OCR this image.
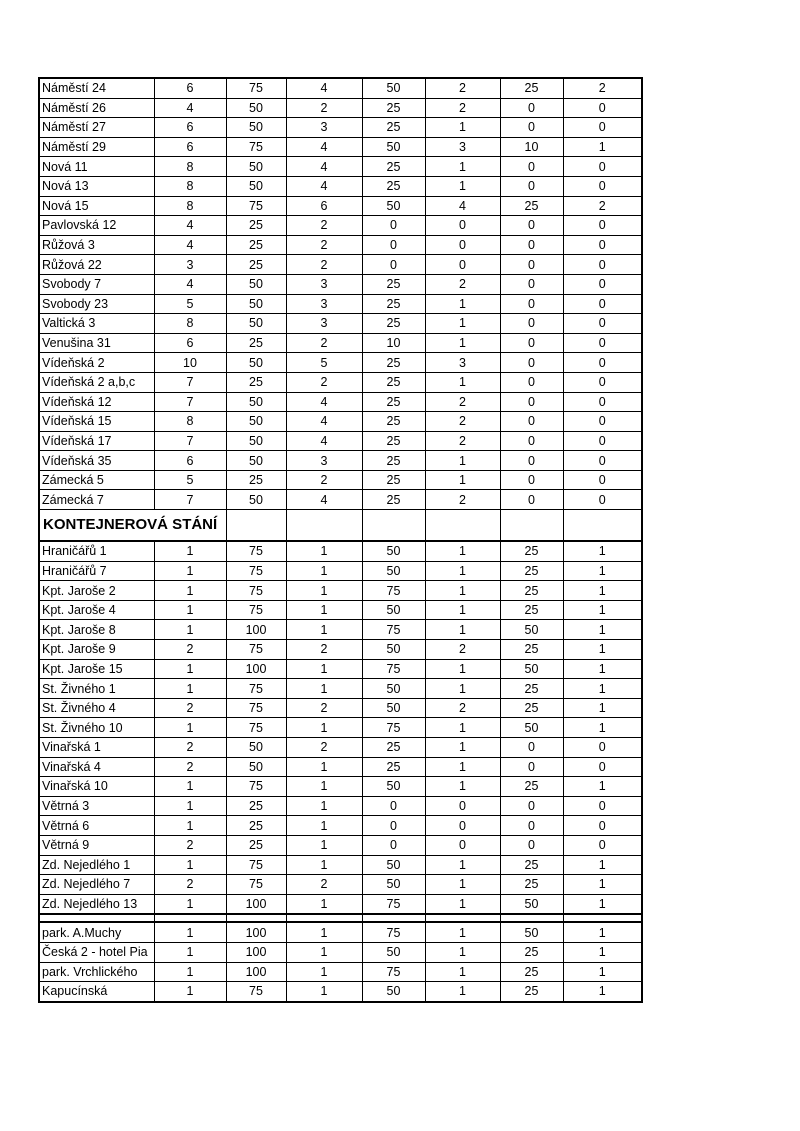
Náměstí 24	6	75	4	50	2	25	2
Náměstí 26	4	50	2	25	2	0	0
Náměstí 27	6	50	3	25	1	0	0
Náměstí 29	6	75	4	50	3	10	1
Nová 11	8	50	4	25	1	0	0
Nová 13	8	50	4	25	1	0	0
Nová 15	8	75	6	50	4	25	2
Pavlovská 12	4	25	2	0	0	0	0
Růžová 3	4	25	2	0	0	0	0
Růžová 22	3	25	2	0	0	0	0
Svobody 7	4	50	3	25	2	0	0
Svobody 23	5	50	3	25	1	0	0
Valtická 3	8	50	3	25	1	0	0
Venušina 31	6	25	2	10	1	0	0
Vídeňská 2	10	50	5	25	3	0	0
Vídeňská 2 a,b,c	7	25	2	25	1	0	0
Vídeňská 12	7	50	4	25	2	0	0
Vídeňská 15	8	50	4	25	2	0	0
Vídeňská 17	7	50	4	25	2	0	0
Vídeňská 35	6	50	3	25	1	0	0
Zámecká 5	5	25	2	25	1	0	0
Zámecká 7	7	50	4	25	2	0	0
KONTEJNEROVÁ STÁNÍ							
Hraničářů 1	1	75	1	50	1	25	1
Hraničářů 7	1	75	1	50	1	25	1
Kpt. Jaroše 2	1	75	1	75	1	25	1
Kpt. Jaroše 4	1	75	1	50	1	25	1
Kpt. Jaroše 8	1	100	1	75	1	50	1
Kpt. Jaroše 9	2	75	2	50	2	25	1
Kpt. Jaroše 15	1	100	1	75	1	50	1
St. Živného 1	1	75	1	50	1	25	1
St. Živného 4	2	75	2	50	2	25	1
St. Živného 10	1	75	1	75	1	50	1
Vinařská 1	2	50	2	25	1	0	0
Vinařská 4	2	50	1	25	1	0	0
Vinařská 10	1	75	1	50	1	25	1
Větrná 3	1	25	1	0	0	0	0
Větrná 6	1	25	1	0	0	0	0
Větrná 9	2	25	1	0	0	0	0
Zd. Nejedlého 1	1	75	1	50	1	25	1
Zd. Nejedlého 7	2	75	2	50	1	25	1
Zd. Nejedlého 13	1	100	1	75	1	50	1

park. A.Muchy	1	100	1	75	1	50	1
Česká 2 - hotel Pia	1	100	1	50	1	25	1
park. Vrchlického	1	100	1	75	1	25	1
Kapucínská	1	75	1	50	1	25	1
